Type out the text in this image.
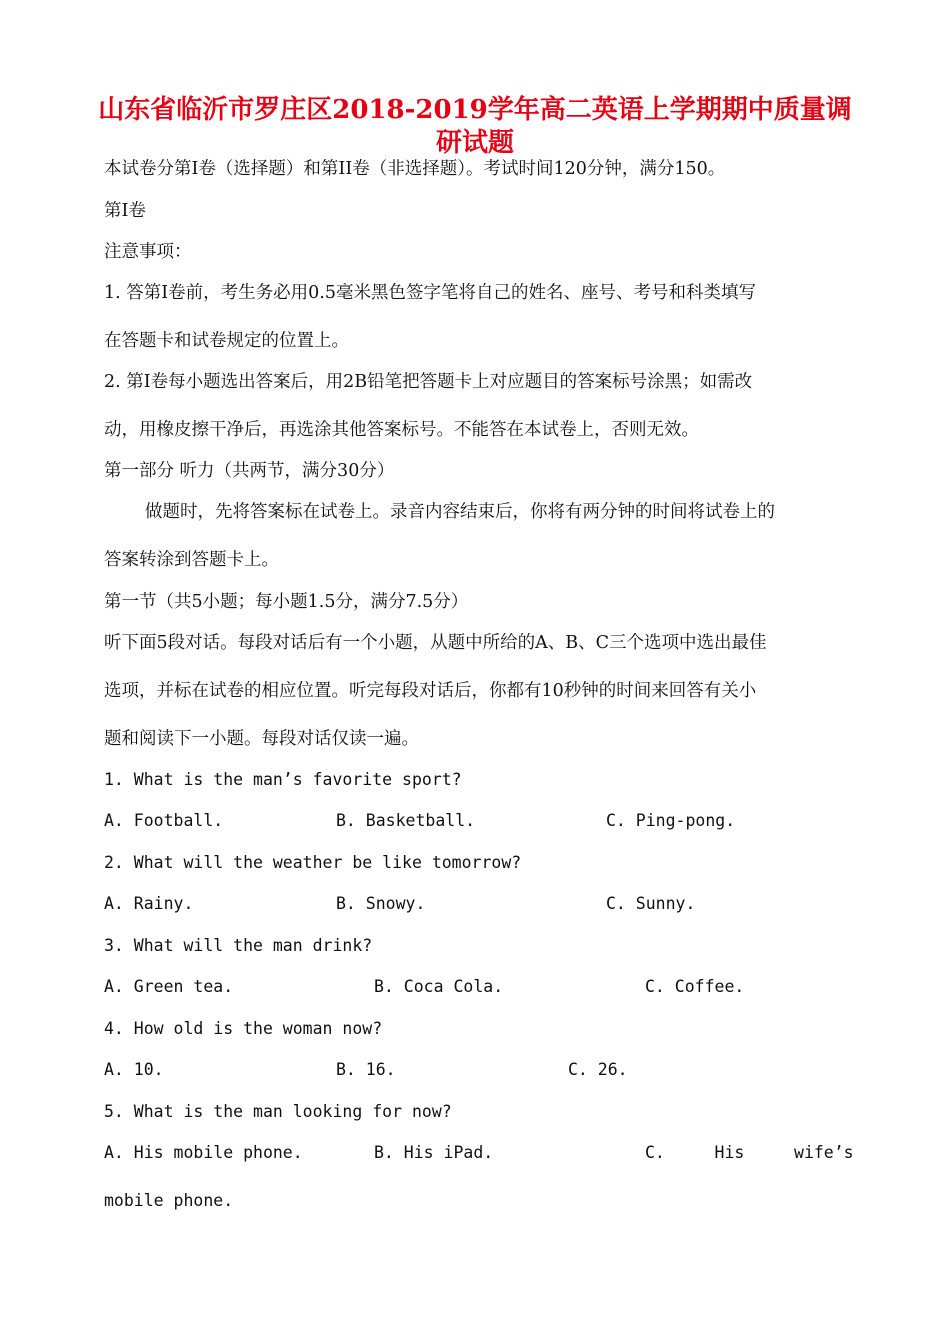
山东省临沂市罗庄区2018-2019学年高二英语上学期期中质量调
研试题

本试卷分第I卷（选择题）和第II卷（非选择题）。考试时间120分钟，满分150。

第I卷

注意事项：

1. 答第I卷前，考生务必用0.5毫米黑色签字笔将自己的姓名、座号、考号和科类填写

在答题卡和试卷规定的位置上。

2. 第I卷每小题选出答案后，用2B铅笔把答题卡上对应题目的答案标号涂黑；如需改

动，用橡皮擦干净后，再选涂其他答案标号。不能答在本试卷上，否则无效。

第一部分 听力（共两节，满分30分）

做题时，先将答案标在试卷上。录音内容结束后，你将有两分钟的时间将试卷上的

答案转涂到答题卡上。

第一节（共5小题；每小题1.5分，满分7.5分）

听下面5段对话。每段对话后有一个小题，从题中所给的A、B、C三个选项中选出最佳

选项，并标在试卷的相应位置。听完每段对话后，你都有10秒钟的时间来回答有关小

题和阅读下一小题。每段对话仅读一遍。

1. What is the man’s favorite sport?

A. Football.	B. Basketball.	C. Ping-pong.

2. What will the weather be like tomorrow?

A. Rainy.	B. Snowy.	C. Sunny.

3. What will the man drink?

A. Green tea.	B. Coca Cola.	C. Coffee.

4. How old is the woman now?

A. 10.	B. 16.	C. 26.

5. What is the man looking for now?

A. His mobile phone.	B. His iPad.	C.     His     wife’s

mobile phone.
